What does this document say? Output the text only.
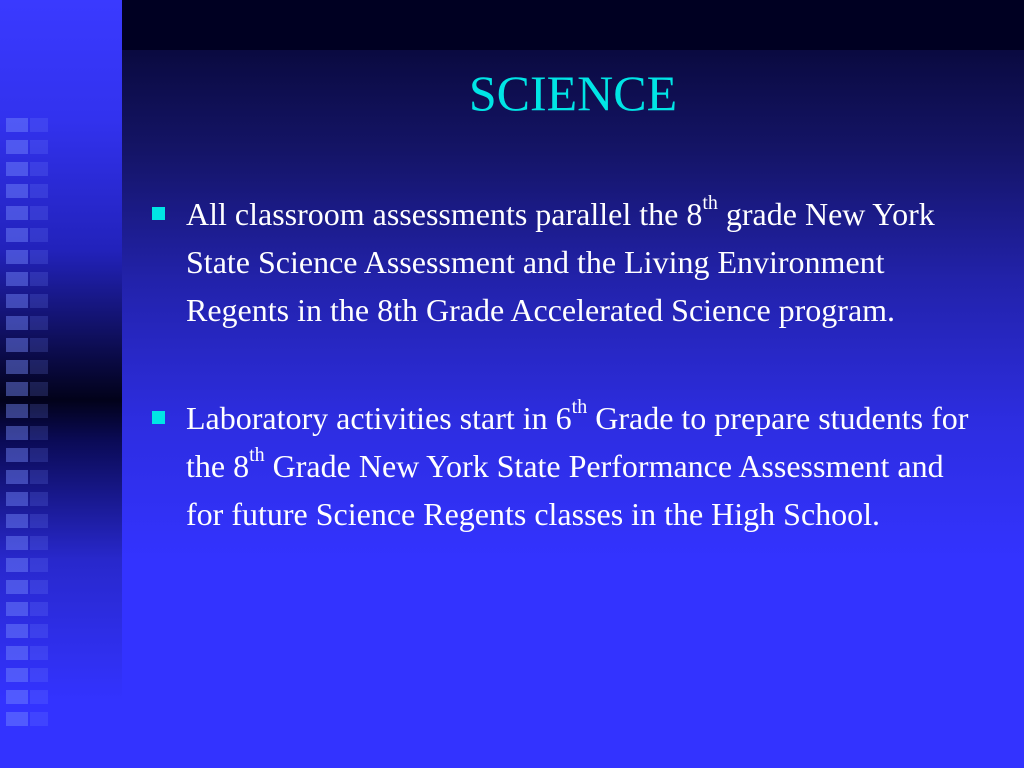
SCIENCE
All classroom assessments parallel the 8th grade New York State Science Assessment and the Living Environment Regents in the 8th Grade Accelerated Science program.
Laboratory activities start in 6th Grade to prepare students for the 8th Grade New York State Performance Assessment and for future Science Regents classes in the High School.
